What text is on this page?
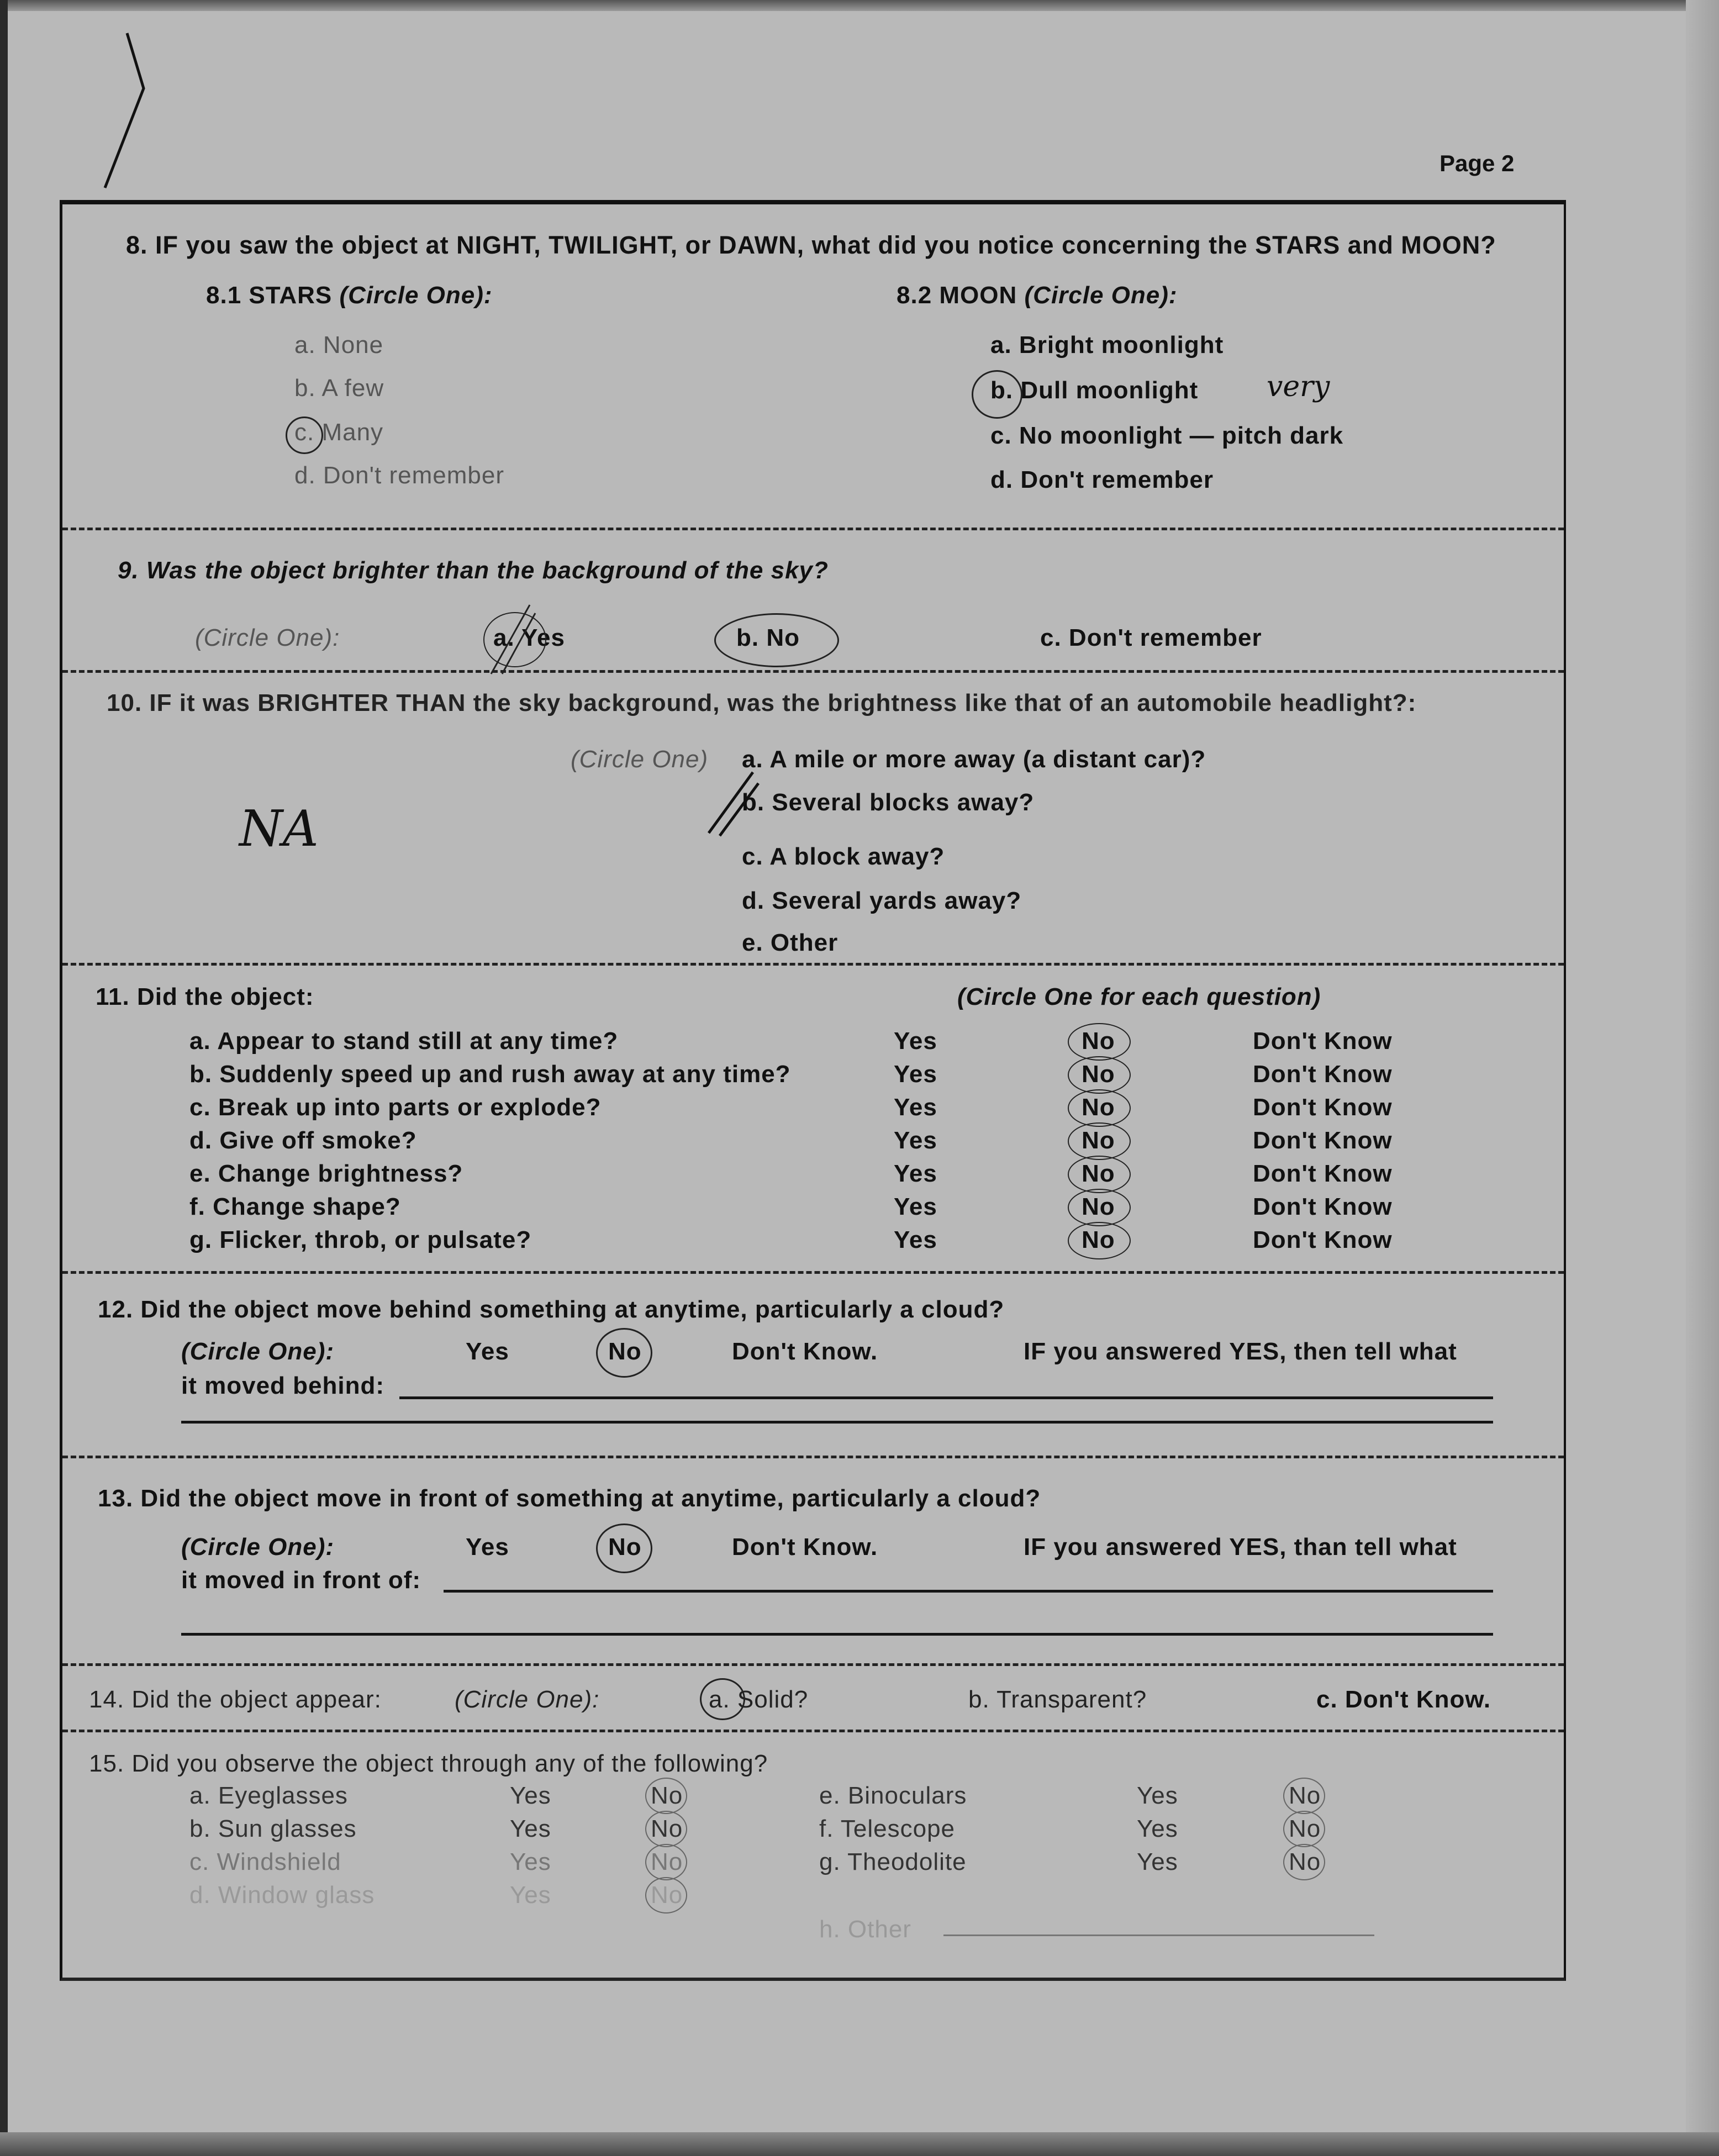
Page 2
8. IF you saw the object at NIGHT, TWILIGHT, or DAWN, what did you notice concerning the STARS and MOON?
8.1 STARS (Circle One):
a. None
b. A few
c. Many
d. Don't remember
8.2 MOON (Circle One):
a. Bright moonlight
b. Dull moonlight very
c. No moonlight — pitch dark
d. Don't remember
9. Was the object brighter than the background of the sky?
(Circle One):	a. Yes	b. No	c. Don't remember
10. IF it was BRIGHTER THAN the sky background, was the brightness like that of an automobile headlight?:
(Circle One) a. A mile or more away (a distant car)?
b. Several blocks away?
c. A block away?
d. Several yards away?
e. Other
NA
11. Did the object:	(Circle One for each question)
a. Appear to stand still at any time?	Yes	No	Don't Know
b. Suddenly speed up and rush away at any time?	Yes	No	Don't Know
c. Break up into parts or explode?	Yes	No	Don't Know
d. Give off smoke?	Yes	No	Don't Know
e. Change brightness?	Yes	No	Don't Know
f. Change shape?	Yes	No	Don't Know
g. Flicker, throb, or pulsate?	Yes	No	Don't Know
12. Did the object move behind something at anytime, particularly a cloud?
(Circle One):	Yes	No	Don't Know.	IF you answered YES, then tell what
it moved behind:
13. Did the object move in front of something at anytime, particularly a cloud?
(Circle One):	Yes	No	Don't Know.	IF you answered YES, than tell what
it moved in front of:
14. Did the object appear:	(Circle One):	a. Solid?	b. Transparent?	c. Don't Know.
15. Did you observe the object through any of the following?
h. Other
a. Eyeglasses	Yes	No
b. Sun glasses	Yes	No
c. Windshield	Yes	No
d. Window glass	Yes	No
e. Binoculars	Yes	No
f. Telescope	Yes	No
g. Theodolite	Yes	No
